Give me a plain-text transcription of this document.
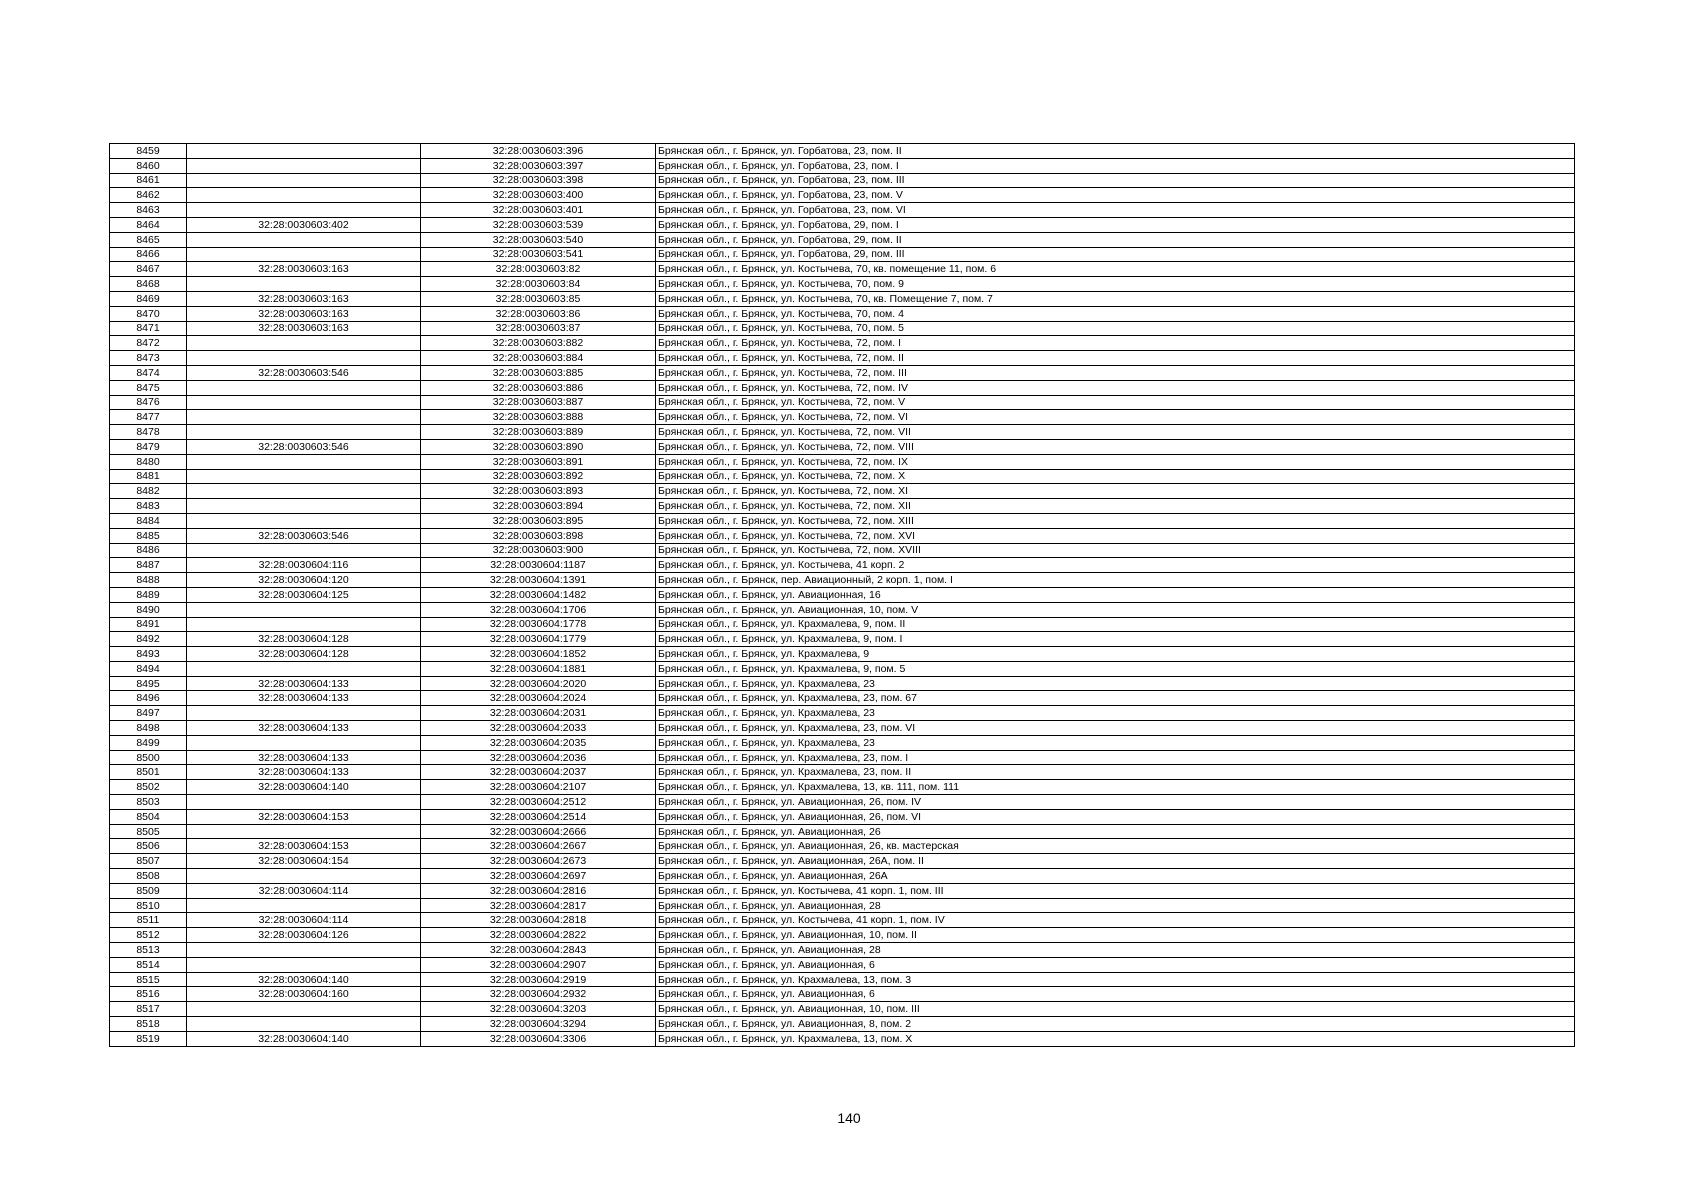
8459		32:28:0030603:396	Брянская обл., г. Брянск, ул. Горбатова, 23, пом. II
8460		32:28:0030603:397	Брянская обл., г. Брянск, ул. Горбатова, 23, пом. I
8461		32:28:0030603:398	Брянская обл., г. Брянск, ул. Горбатова, 23, пом. III
8462		32:28:0030603:400	Брянская обл., г. Брянск, ул. Горбатова, 23, пом. V
8463		32:28:0030603:401	Брянская обл., г. Брянск, ул. Горбатова, 23, пом. VI
8464	32:28:0030603:402	32:28:0030603:539	Брянская обл., г. Брянск, ул. Горбатова, 29, пом. I
8465		32:28:0030603:540	Брянская обл., г. Брянск, ул. Горбатова, 29, пом. II
8466		32:28:0030603:541	Брянская обл., г. Брянск, ул. Горбатова, 29, пом. III
8467	32:28:0030603:163	32:28:0030603:82	Брянская обл., г. Брянск, ул. Костычева, 70, кв. помещение 11, пом. 6
8468		32:28:0030603:84	Брянская обл., г. Брянск, ул. Костычева, 70, пом. 9
8469	32:28:0030603:163	32:28:0030603:85	Брянская обл., г. Брянск, ул. Костычева, 70, кв. Помещение 7, пом. 7
8470	32:28:0030603:163	32:28:0030603:86	Брянская обл., г. Брянск, ул. Костычева, 70, пом. 4
8471	32:28:0030603:163	32:28:0030603:87	Брянская обл., г. Брянск, ул. Костычева, 70, пом. 5
8472		32:28:0030603:882	Брянская обл., г. Брянск, ул. Костычева, 72, пом. I
8473		32:28:0030603:884	Брянская обл., г. Брянск, ул. Костычева, 72, пом. II
8474	32:28:0030603:546	32:28:0030603:885	Брянская обл., г. Брянск, ул. Костычева, 72, пом. III
8475		32:28:0030603:886	Брянская обл., г. Брянск, ул. Костычева, 72, пом. IV
8476		32:28:0030603:887	Брянская обл., г. Брянск, ул. Костычева, 72, пом. V
8477		32:28:0030603:888	Брянская обл., г. Брянск, ул. Костычева, 72, пом. VI
8478		32:28:0030603:889	Брянская обл., г. Брянск, ул. Костычева, 72, пом. VII
8479	32:28:0030603:546	32:28:0030603:890	Брянская обл., г. Брянск, ул. Костычева, 72, пом. VIII
8480		32:28:0030603:891	Брянская обл., г. Брянск, ул. Костычева, 72, пом. IX
8481		32:28:0030603:892	Брянская обл., г. Брянск, ул. Костычева, 72, пом. X
8482		32:28:0030603:893	Брянская обл., г. Брянск, ул. Костычева, 72, пом. XI
8483		32:28:0030603:894	Брянская обл., г. Брянск, ул. Костычева, 72, пом. XII
8484		32:28:0030603:895	Брянская обл., г. Брянск, ул. Костычева, 72, пом. XIII
8485	32:28:0030603:546	32:28:0030603:898	Брянская обл., г. Брянск, ул. Костычева, 72, пом. XVI
8486		32:28:0030603:900	Брянская обл., г. Брянск, ул. Костычева, 72, пом. XVIII
8487	32:28:0030604:116	32:28:0030604:1187	Брянская обл., г. Брянск, ул. Костычева, 41 корп. 2
8488	32:28:0030604:120	32:28:0030604:1391	Брянская обл., г. Брянск, пер. Авиационный, 2 корп. 1, пом. I
8489	32:28:0030604:125	32:28:0030604:1482	Брянская обл., г. Брянск, ул. Авиационная, 16
8490		32:28:0030604:1706	Брянская обл., г. Брянск, ул. Авиационная, 10, пом. V
8491		32:28:0030604:1778	Брянская обл., г. Брянск, ул. Крахмалева, 9, пом. II
8492	32:28:0030604:128	32:28:0030604:1779	Брянская обл., г. Брянск, ул. Крахмалева, 9, пом. I
8493	32:28:0030604:128	32:28:0030604:1852	Брянская обл., г. Брянск, ул. Крахмалева, 9
8494		32:28:0030604:1881	Брянская обл., г. Брянск, ул. Крахмалева, 9, пом. 5
8495	32:28:0030604:133	32:28:0030604:2020	Брянская обл., г. Брянск, ул. Крахмалева, 23
8496	32:28:0030604:133	32:28:0030604:2024	Брянская обл., г. Брянск, ул. Крахмалева, 23, пом. 67
8497		32:28:0030604:2031	Брянская обл., г. Брянск, ул. Крахмалева, 23
8498	32:28:0030604:133	32:28:0030604:2033	Брянская обл., г. Брянск, ул. Крахмалева, 23, пом. VI
8499		32:28:0030604:2035	Брянская обл., г. Брянск, ул. Крахмалева, 23
8500	32:28:0030604:133	32:28:0030604:2036	Брянская обл., г. Брянск, ул. Крахмалева, 23, пом. I
8501	32:28:0030604:133	32:28:0030604:2037	Брянская обл., г. Брянск, ул. Крахмалева, 23, пом. II
8502	32:28:0030604:140	32:28:0030604:2107	Брянская обл., г. Брянск, ул. Крахмалева, 13, кв. 111, пом. 111
8503		32:28:0030604:2512	Брянская обл., г. Брянск, ул. Авиационная, 26, пом. IV
8504	32:28:0030604:153	32:28:0030604:2514	Брянская обл., г. Брянск, ул. Авиационная, 26, пом. VI
8505		32:28:0030604:2666	Брянская обл., г. Брянск, ул. Авиационная, 26
8506	32:28:0030604:153	32:28:0030604:2667	Брянская обл., г. Брянск, ул. Авиационная, 26, кв. мастерская
8507	32:28:0030604:154	32:28:0030604:2673	Брянская обл., г. Брянск, ул. Авиационная, 26А, пом. II
8508		32:28:0030604:2697	Брянская обл., г. Брянск, ул. Авиационная, 26А
8509	32:28:0030604:114	32:28:0030604:2816	Брянская обл., г. Брянск, ул. Костычева, 41 корп. 1, пом. III
8510		32:28:0030604:2817	Брянская обл., г. Брянск, ул. Авиационная, 28
8511	32:28:0030604:114	32:28:0030604:2818	Брянская обл., г. Брянск, ул. Костычева, 41 корп. 1, пом. IV
8512	32:28:0030604:126	32:28:0030604:2822	Брянская обл., г. Брянск, ул. Авиационная, 10, пом. II
8513		32:28:0030604:2843	Брянская обл., г. Брянск, ул. Авиационная, 28
8514		32:28:0030604:2907	Брянская обл., г. Брянск, ул. Авиационная, 6
8515	32:28:0030604:140	32:28:0030604:2919	Брянская обл., г. Брянск, ул. Крахмалева, 13, пом. 3
8516	32:28:0030604:160	32:28:0030604:2932	Брянская обл., г. Брянск, ул. Авиационная, 6
8517		32:28:0030604:3203	Брянская обл., г. Брянск, ул. Авиационная, 10, пом. III
8518		32:28:0030604:3294	Брянская обл., г. Брянск, ул. Авиационная, 8, пом. 2
8519	32:28:0030604:140	32:28:0030604:3306	Брянская обл., г. Брянск, ул. Крахмалева, 13, пом. X
140
